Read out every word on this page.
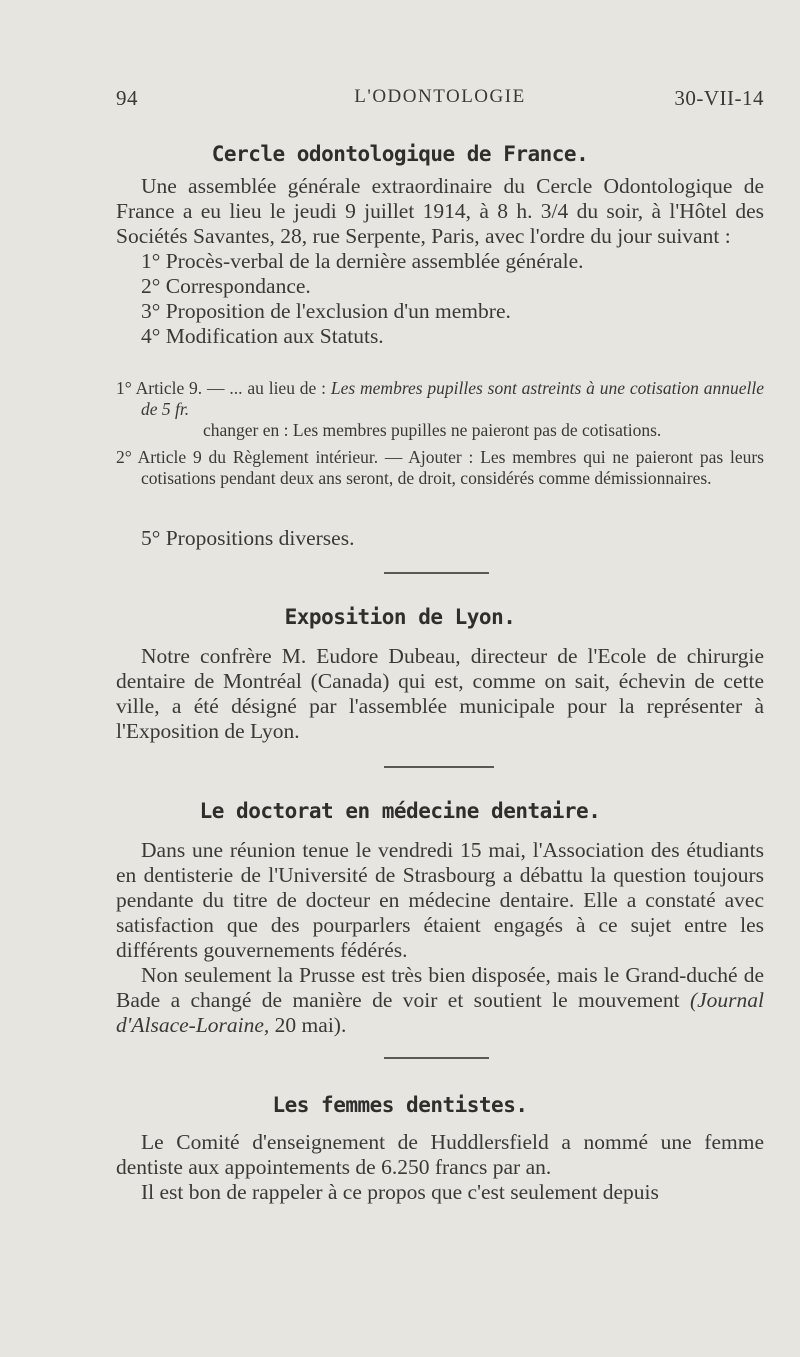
L'ODONTOLOGIE
94	30-VII-14
Cercle odontologique de France.

Une assemblée générale extraordinaire du Cercle Odontologique de France a eu lieu le jeudi 9 juillet 1914, à 8 h. 3/4 du soir, à l'Hôtel des Sociétés Savantes, 28, rue Serpente, Paris, avec l'ordre du jour suivant :

1° Procès-verbal de la dernière assemblée générale.

2° Correspondance.

3° Proposition de l'exclusion d'un membre.

4° Modification aux Statuts.

1° Article 9. — ... au lieu de : Les membres pupilles sont astreints à une cotisation annuelle de 5 fr.

changer en : Les membres pupilles ne paieront pas de cotisations.

2° Article 9 du Règlement intérieur. — Ajouter : Les membres qui ne paieront pas leurs cotisations pendant deux ans seront, de droit, considérés comme démissionnaires.

5° Propositions diverses.

Exposition de Lyon.

Notre confrère M. Eudore Dubeau, directeur de l'Ecole de chirurgie dentaire de Montréal (Canada) qui est, comme on sait, échevin de cette ville, a été désigné par l'assemblée municipale pour la représenter à l'Exposition de Lyon.

Le doctorat en médecine dentaire.

Dans une réunion tenue le vendredi 15 mai, l'Association des étudiants en dentisterie de l'Université de Strasbourg a débattu la question toujours pendante du titre de docteur en médecine dentaire. Elle a constaté avec satisfaction que des pourparlers étaient engagés à ce sujet entre les différents gouvernements fédérés.

Non seulement la Prusse est très bien disposée, mais le Grand-duché de Bade a changé de manière de voir et soutient le mouvement (Journal d'Alsace-Loraine, 20 mai).

Les femmes dentistes.

Le Comité d'enseignement de Huddlersfield a nommé une femme dentiste aux appointements de 6.250 francs par an.

Il est bon de rappeler à ce propos que c'est seulement depuis
